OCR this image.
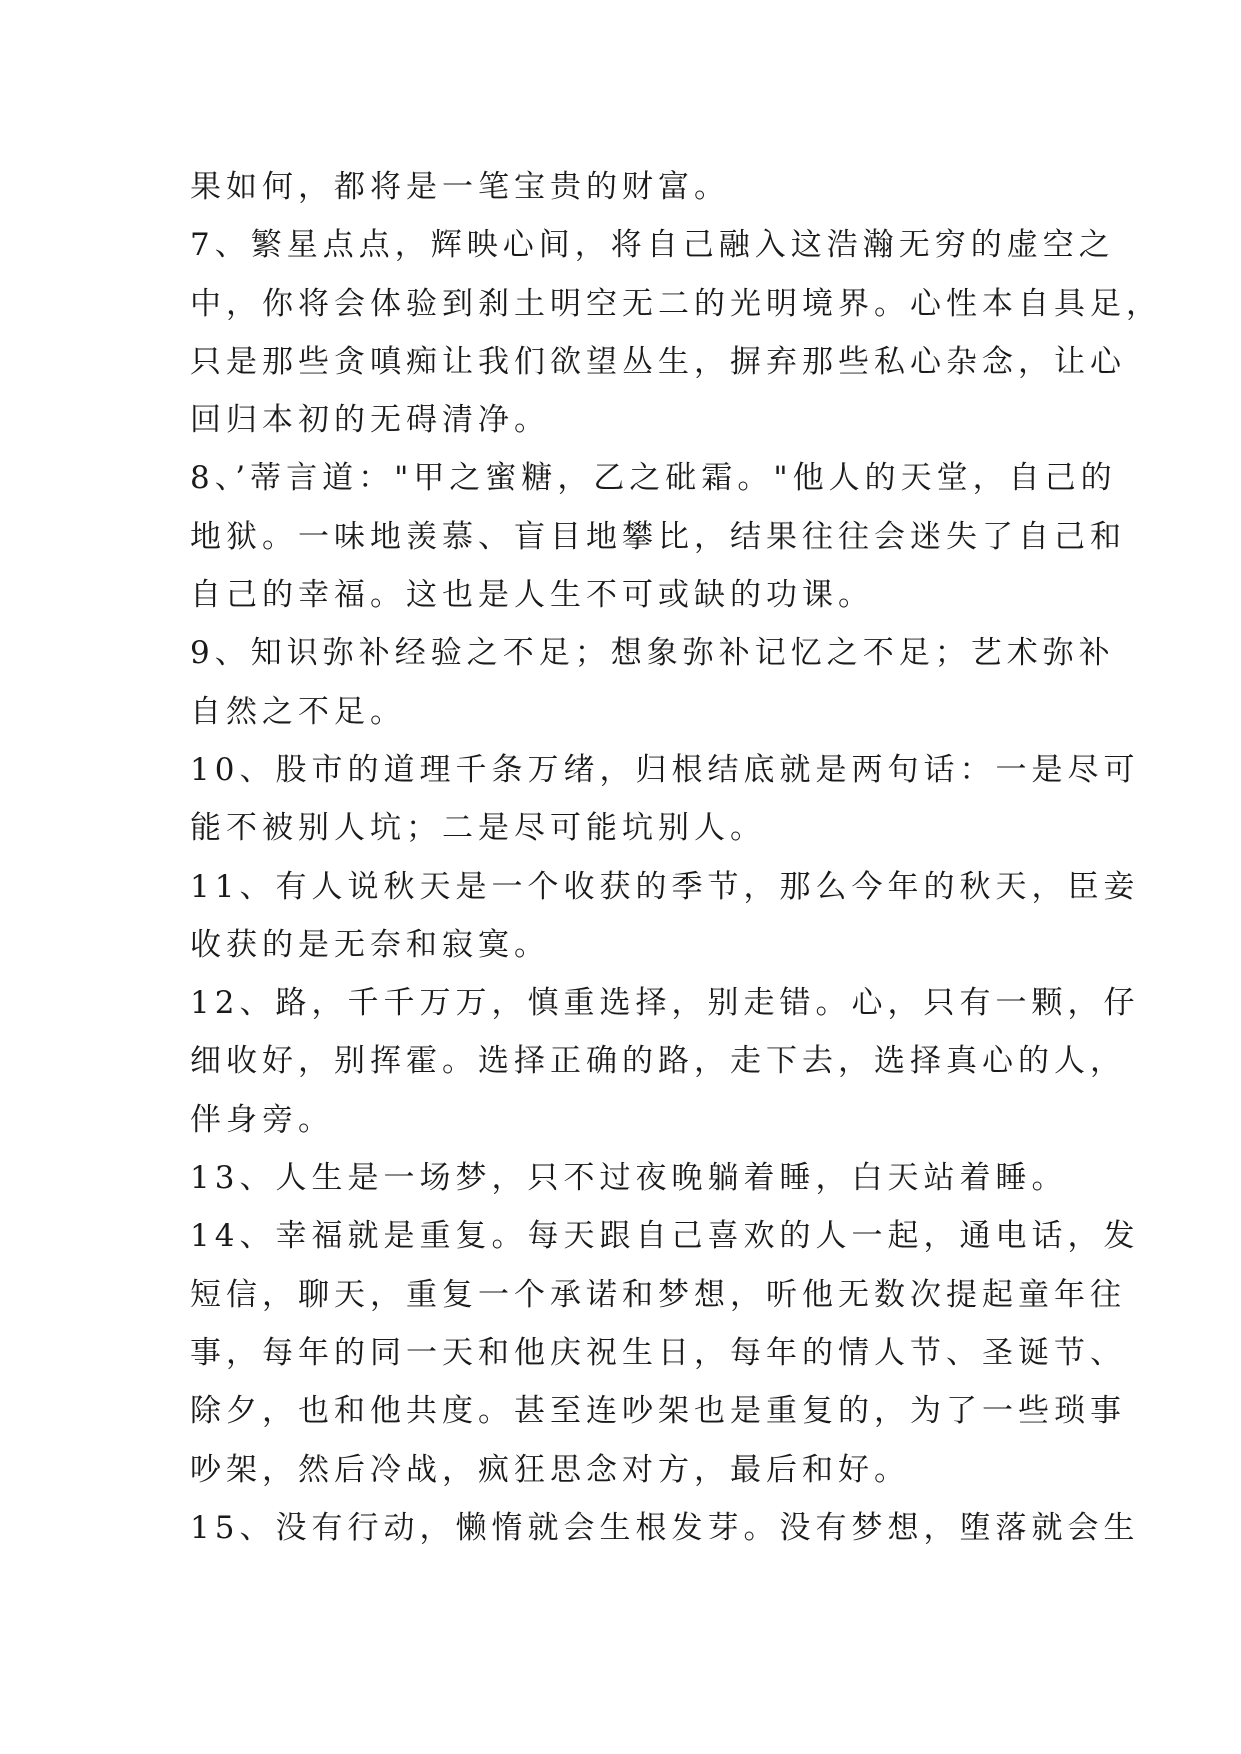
果如何，都将是一笔宝贵的财富。
7、繁星点点，辉映心间，将自己融入这浩瀚无穷的虚空之
中，你将会体验到刹土明空无二的光明境界。心性本自具足，
只是那些贪嗔痴让我们欲望丛生，摒弃那些私心杂念，让心
回归本初的无碍清净。
8、’蒂言道："甲之蜜糖，乙之砒霜。"他人的天堂，自己的
地狱。一味地羡慕、盲目地攀比，结果往往会迷失了自己和
自己的幸福。这也是人生不可或缺的功课。
9、知识弥补经验之不足；想象弥补记忆之不足；艺术弥补
自然之不足。
10、股市的道理千条万绪，归根结底就是两句话：一是尽可
能不被别人坑；二是尽可能坑别人。
11、有人说秋天是一个收获的季节，那么今年的秋天，臣妾
收获的是无奈和寂寞。
12、路，千千万万，慎重选择，别走错。心，只有一颗，仔
细收好，别挥霍。选择正确的路，走下去，选择真心的人，
伴身旁。
13、人生是一场梦，只不过夜晚躺着睡，白天站着睡。
14、幸福就是重复。每天跟自己喜欢的人一起，通电话，发
短信，聊天，重复一个承诺和梦想，听他无数次提起童年往
事，每年的同一天和他庆祝生日，每年的情人节、圣诞节、
除夕，也和他共度。甚至连吵架也是重复的，为了一些琐事
吵架，然后冷战，疯狂思念对方，最后和好。
15、没有行动，懒惰就会生根发芽。没有梦想，堕落就会生
